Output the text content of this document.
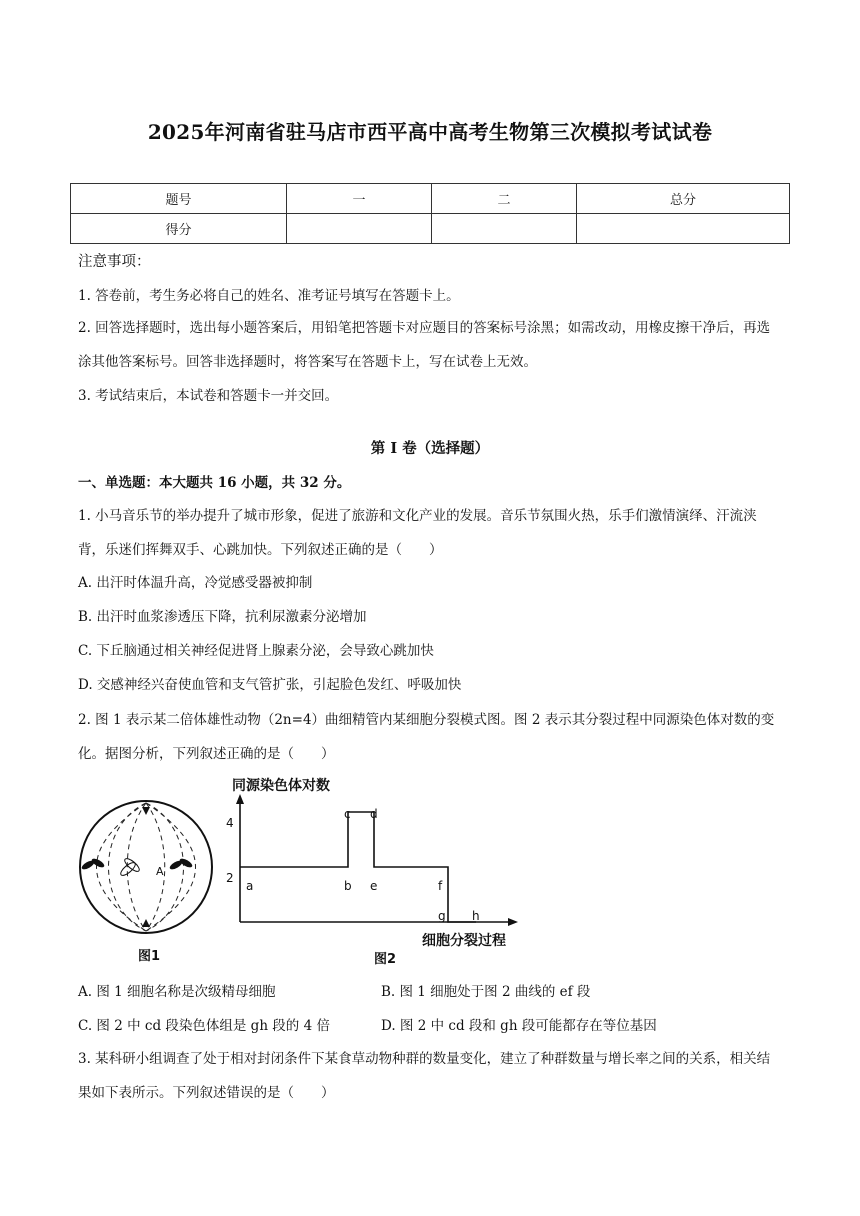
2025年河南省驻马店市西平高中高考生物第三次模拟考试试卷
题号	一	二	总分
得分			
注意事项：
1. 答卷前，考生务必将自己的姓名、准考证号填写在答题卡上。
2. 回答选择题时，选出每小题答案后，用铅笔把答题卡对应题目的答案标号涂黑；如需改动，用橡皮擦干净后，再选涂其他答案标号。回答非选择题时，将答案写在答题卡上，写在试卷上无效。
3. 考试结束后，本试卷和答题卡一并交回。
第 I 卷（选择题）
一、单选题：本大题共 16 小题，共 32 分。
1. 小马音乐节的举办提升了城市形象，促进了旅游和文化产业的发展。音乐节氛围火热，乐手们激情演绎、汗流浃背，乐迷们挥舞双手、心跳加快。下列叙述正确的是（　　）
A. 出汗时体温升高，冷觉感受器被抑制
B. 出汗时血浆渗透压下降，抗利尿激素分泌增加
C. 下丘脑通过相关神经促进肾上腺素分泌，会导致心跳加快
D. 交感神经兴奋使血管和支气管扩张，引起脸色发红、呼吸加快
2. 图 1 表示某二倍体雄性动物（2n=4）曲细精管内某细胞分裂模式图。图 2 表示其分裂过程中同源染色体对数的变化。据图分析，下列叙述正确的是（　　）
A
图1
同源染色体对数
4
2
a	b
c d
e	f
g h
细胞分裂过程
图2
A. 图 1 细胞名称是次级精母细胞	B. 图 1 细胞处于图 2 曲线的 ef 段
C. 图 2 中 cd 段染色体组是 gh 段的 4 倍	D. 图 2 中 cd 段和 gh 段可能都存在等位基因
3. 某科研小组调查了处于相对封闭条件下某食草动物种群的数量变化，建立了种群数量与增长率之间的关系，相关结果如下表所示。下列叙述错误的是（　　）
